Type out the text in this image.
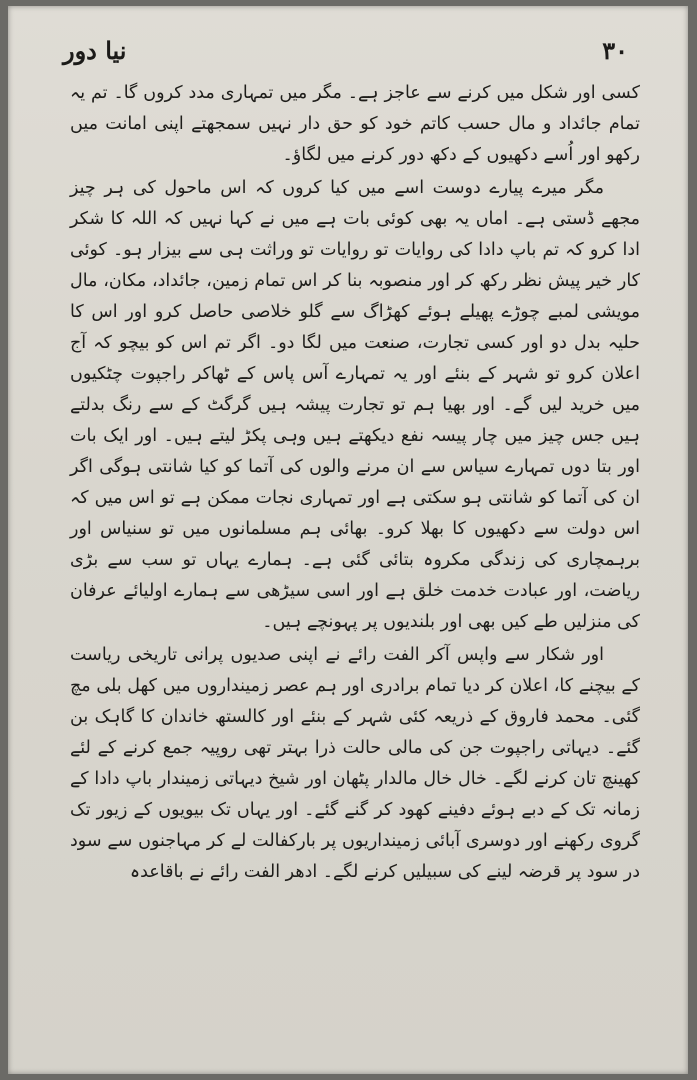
۳۰
نیا دور

کسی اور شکل میں کرنے سے عاجز ہے۔ مگر میں تمہاری مدد کروں گا۔ تم یہ تمام جائداد و مال حسب کاتم خود کو حق دار نہیں سمجھتے اپنی امانت میں رکھو اور اُسے دکھیوں کے دکھ دور کرنے میں لگاؤ۔

مگر میرے پیارے دوست اسے میں کیا کروں کہ اس ماحول کی ہر چیز مجھے ڈستی ہے۔ اماں یہ بھی کوئی بات ہے میں نے کہا نہیں کہ اللہ کا شکر ادا کرو کہ تم باپ دادا کی روایات تو روایات تو وراثت ہی سے بیزار ہو۔ کوئی کار خیر پیش نظر رکھ کر اور منصوبہ بنا کر اس تمام زمین، جائداد، مکان، مال مویشی لمبے چوڑے پھیلے ہوئے کھڑاگ سے گلو خلاصی حاصل کرو اور اس کا حلیہ بدل دو اور کسی تجارت، صنعت میں لگا دو۔ اگر تم اس کو بیچو کہ آج اعلان کرو تو شہر کے بنئے اور یہ تمہارے آس پاس کے ٹھاکر راجپوت چٹکیوں میں خرید لیں گے۔ اور بھیا ہم تو تجارت پیشہ ہیں گرگٹ کے سے رنگ بدلتے ہیں جس چیز میں چار پیسہ نفع دیکھتے ہیں وہی پکڑ لیتے ہیں۔ اور ایک بات اور بتا دوں تمہارے سیاس سے ان مرنے والوں کی آتما کو کیا شانتی ہوگی اگر ان کی آتما کو شانتی ہو سکتی ہے اور تمہاری نجات ممکن ہے تو اس میں کہ اس دولت سے دکھیوں کا بھلا کرو۔ بھائی ہم مسلمانوں میں تو سنیاس اور برہمچاری کی زندگی مکروہ بتائی گئی ہے۔ ہمارے یہاں تو سب سے بڑی ریاضت، اور عبادت خدمت خلق ہے اور اسی سیڑھی سے ہمارے اولیائے عرفان کی منزلیں طے کیں بھی اور بلندیوں پر پہونچے ہیں۔

اور شکار سے واپس آکر الفت رائے نے اپنی صدیوں پرانی تاریخی ریاست کے بیچنے کا، اعلان کر دیا تمام برادری اور ہم عصر زمینداروں میں کھل بلی مچ گئی۔ محمد فاروق کے ذریعہ کئی شہر کے بنئے اور کالستھ خاندان کا گاہک بن گئے۔ دیہاتی راجپوت جن کی مالی حالت ذرا بہتر تھی روپیہ جمع کرنے کے لئے کھینچ تان کرنے لگے۔ خال خال مالدار پٹھان اور شیخ دیہاتی زمیندار باپ دادا کے زمانہ تک کے دبے ہوئے دفینے کھود کر گنے گئے۔ اور یہاں تک بیویوں کے زیور تک گروی رکھنے اور دوسری آبائی زمینداریوں پر بارکفالت لے کر مہاجنوں سے سود در سود پر قرضہ لینے کی سبیلیں کرنے لگے۔ ادھر الفت رائے نے باقاعدہ
